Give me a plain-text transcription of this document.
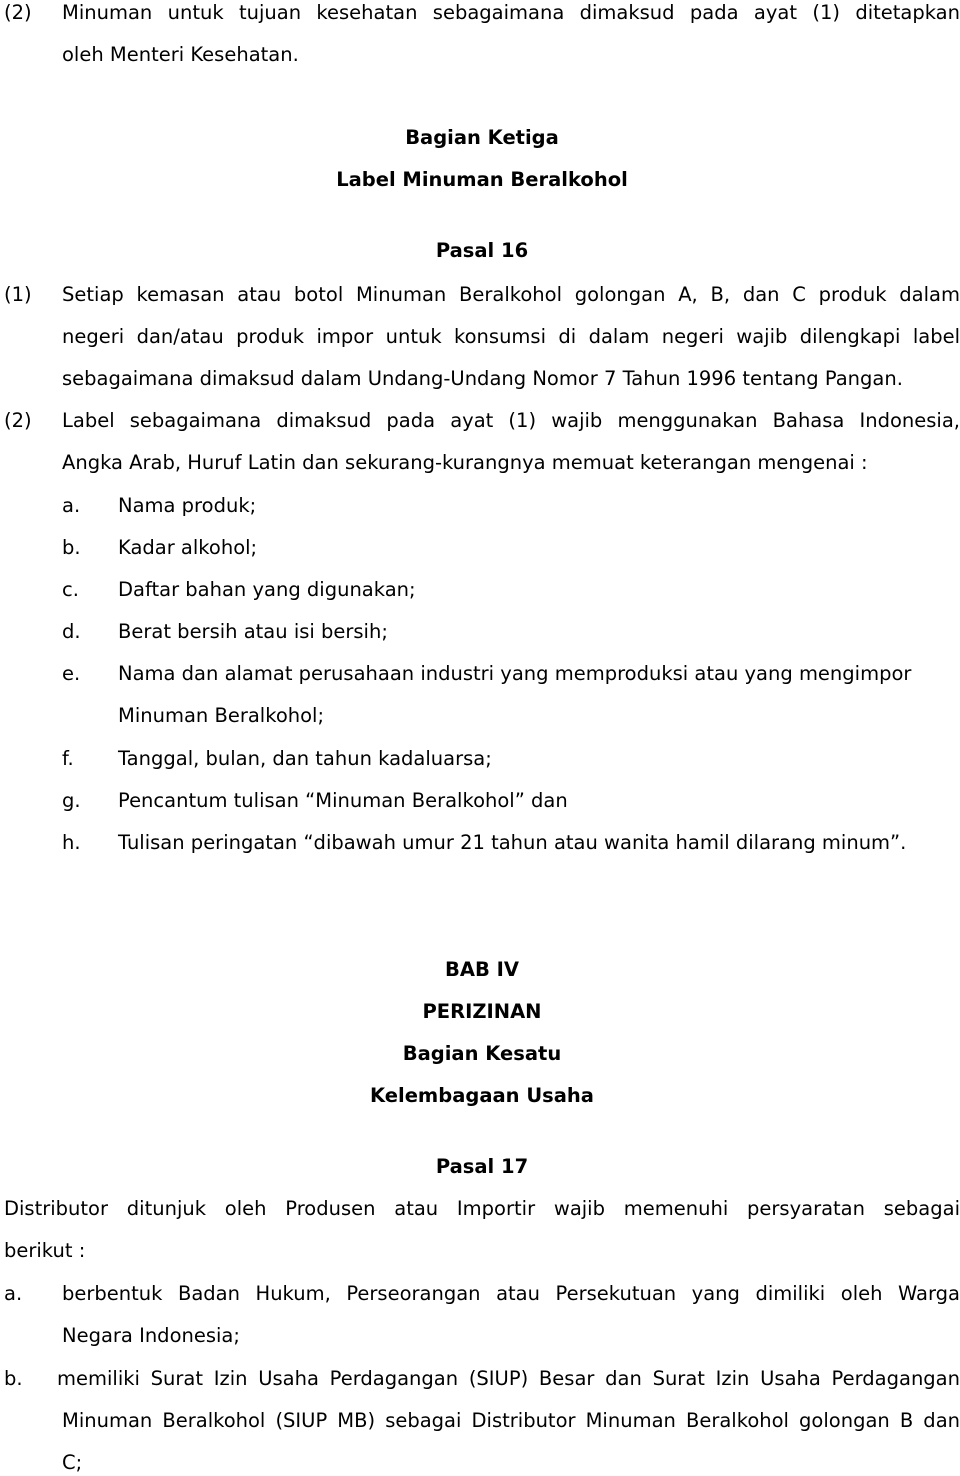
(2) Minuman untuk tujuan kesehatan sebagaimana dimaksud pada ayat (1) ditetapkan
oleh Menteri Kesehatan.
Bagian Ketiga
Label Minuman Beralkohol
Pasal 16
(1) Setiap kemasan atau botol Minuman Beralkohol golongan A, B, dan C produk dalam
negeri dan/atau produk impor untuk konsumsi di dalam negeri wajib dilengkapi label
sebagaimana dimaksud dalam Undang-Undang Nomor 7 Tahun 1996 tentang Pangan.
(2) Label sebagaimana dimaksud pada ayat (1) wajib menggunakan Bahasa Indonesia,
Angka Arab, Huruf Latin dan sekurang-kurangnya memuat keterangan mengenai :
a. Nama produk;
b. Kadar alkohol;
c. Daftar bahan yang digunakan;
d. Berat bersih atau isi bersih;
e. Nama dan alamat perusahaan industri yang memproduksi atau yang mengimpor
Minuman Beralkohol;
f. Tanggal, bulan, dan tahun kadaluarsa;
g. Pencantum tulisan “Minuman Beralkohol” dan
h. Tulisan peringatan “dibawah umur 21 tahun atau wanita hamil dilarang minum”.
BAB IV
PERIZINAN
Bagian Kesatu
Kelembagaan Usaha
Pasal 17
Distributor ditunjuk oleh Produsen atau Importir wajib memenuhi persyaratan sebagai
berikut :
a. berbentuk Badan Hukum, Perseorangan atau Persekutuan yang dimiliki oleh Warga
Negara Indonesia;
b. memiliki Surat Izin Usaha Perdagangan (SIUP) Besar dan Surat Izin Usaha Perdagangan
Minuman Beralkohol (SIUP MB) sebagai Distributor Minuman Beralkohol golongan B dan
C;
